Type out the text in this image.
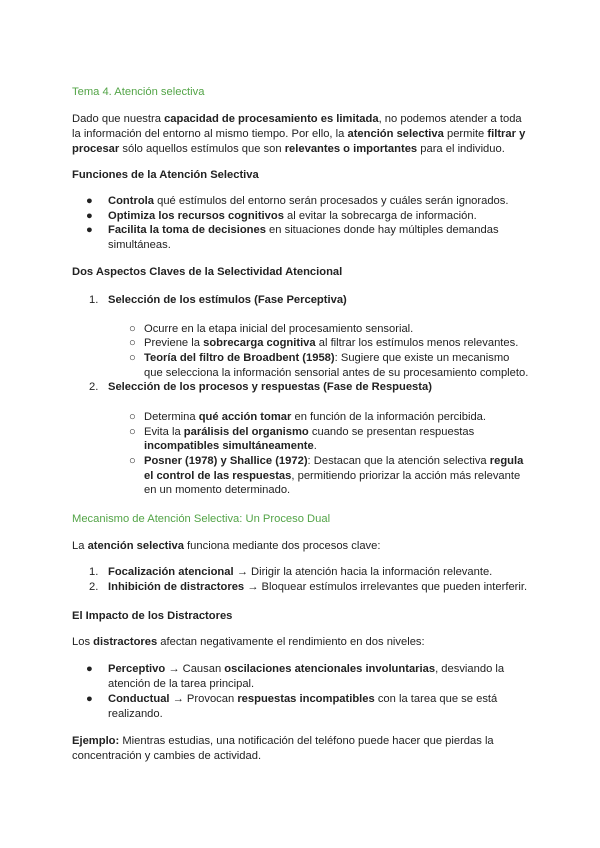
Tema 4. Atención selectiva
Dado que nuestra capacidad de procesamiento es limitada, no podemos atender a toda
la información del entorno al mismo tiempo. Por ello, la atención selectiva permite filtrar y
procesar sólo aquellos estímulos que son relevantes o importantes para el individuo.
Funciones de la Atención Selectiva
● Controla qué estímulos del entorno serán procesados y cuáles serán ignorados.
● Optimiza los recursos cognitivos al evitar la sobrecarga de información.
● Facilita la toma de decisiones en situaciones donde hay múltiples demandas
simultáneas.
Dos Aspectos Claves de la Selectividad Atencional
1. Selección de los estímulos (Fase Perceptiva)
○ Ocurre en la etapa inicial del procesamiento sensorial.
○ Previene la sobrecarga cognitiva al filtrar los estímulos menos relevantes.
○ Teoría del filtro de Broadbent (1958): Sugiere que existe un mecanismo
que selecciona la información sensorial antes de su procesamiento completo.
2. Selección de los procesos y respuestas (Fase de Respuesta)
○ Determina qué acción tomar en función de la información percibida.
○ Evita la parálisis del organismo cuando se presentan respuestas
incompatibles simultáneamente.
○ Posner (1978) y Shallice (1972): Destacan que la atención selectiva regula
el control de las respuestas, permitiendo priorizar la acción más relevante
en un momento determinado.
Mecanismo de Atención Selectiva: Un Proceso Dual
La atención selectiva funciona mediante dos procesos clave:
1. Focalización atencional → Dirigir la atención hacia la información relevante.
2. Inhibición de distractores → Bloquear estímulos irrelevantes que pueden interferir.
El Impacto de los Distractores
Los distractores afectan negativamente el rendimiento en dos niveles:
● Perceptivo → Causan oscilaciones atencionales involuntarias, desviando la
atención de la tarea principal.
● Conductual → Provocan respuestas incompatibles con la tarea que se está
realizando.
Ejemplo: Mientras estudias, una notificación del teléfono puede hacer que pierdas la
concentración y cambies de actividad.
